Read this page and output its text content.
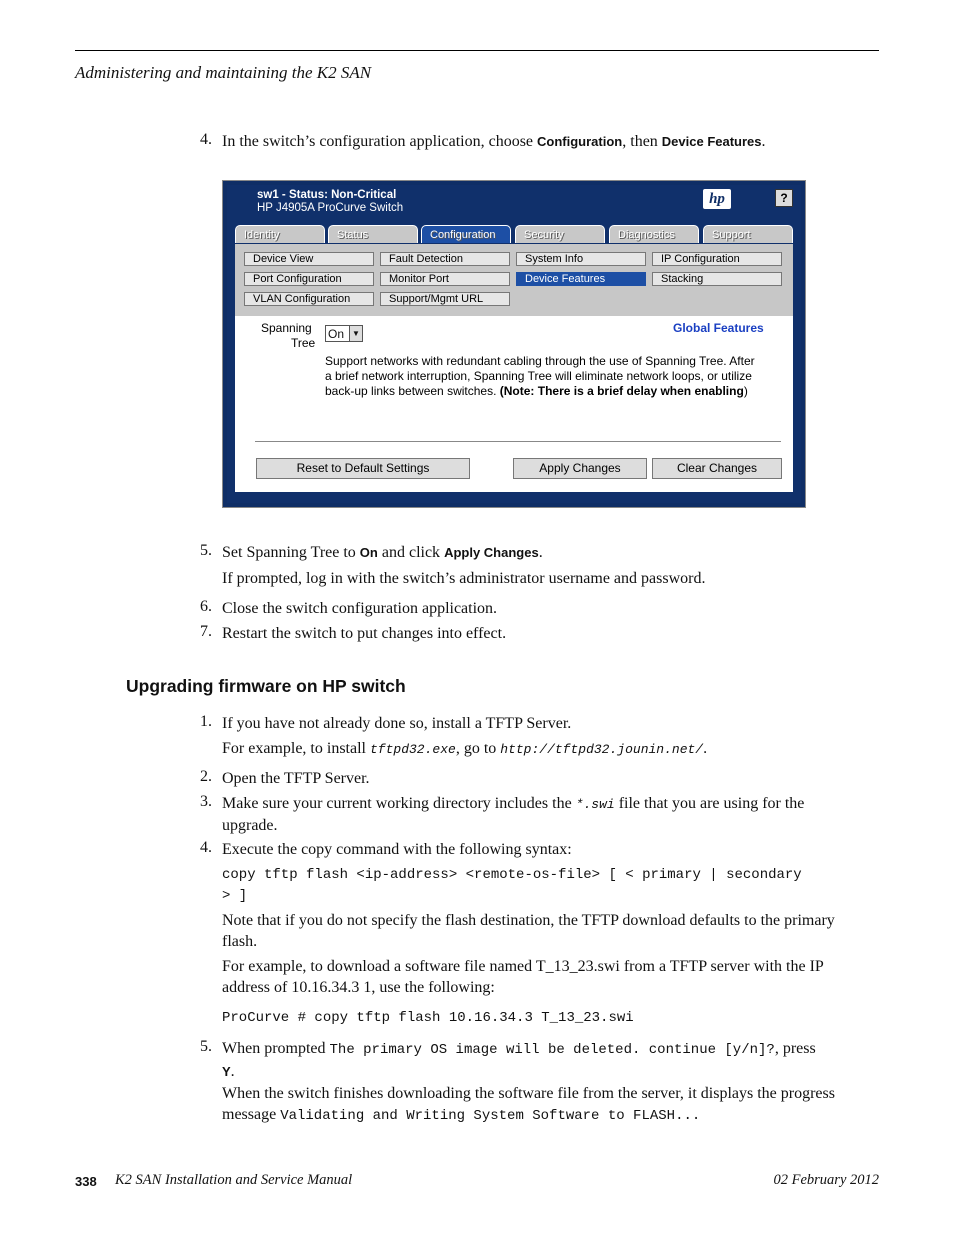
Administering and maintaining the K2 SAN
4. In the switch’s configuration application, choose Configuration, then Device Features.
sw1 - Status: Non-Critical
HP J4905A ProCurve Switch
hp	?
Identity	Status	Configuration	Security	Diagnostics	Support
Device View	Fault Detection	System Info	IP Configuration
Port Configuration	Monitor Port	Device Features	Stacking
VLAN Configuration	Support/Mgmt URL
Spanning
Tree
On	▼	Global Features
Support networks with redundant cabling through the use of Spanning Tree. After
a brief network interruption, Spanning Tree will eliminate network loops, or utilize
back-up links between switches. (Note: There is a brief delay when enabling)
Reset to Default Settings	Apply Changes	Clear Changes
5. Set Spanning Tree to On and click Apply Changes.
If prompted, log in with the switch’s administrator username and password.
6. Close the switch configuration application.
7. Restart the switch to put changes into effect.
Upgrading firmware on HP switch
1. If you have not already done so, install a TFTP Server.
For example, to install tftpd32.exe, go to http://tftpd32.jounin.net/.
2. Open the TFTP Server.
3. Make sure your current working directory includes the *.swi file that you are using for the
upgrade.
4. Execute the copy command with the following syntax:
copy tftp flash <ip-address> <remote-os-file> [ < primary | secondary
> ]
Note that if you do not specify the flash destination, the TFTP download defaults to the primary
flash.
For example, to download a software file named T_13_23.swi from a TFTP server with the IP
address of 10.16.34.3 1, use the following:
ProCurve # copy tftp flash 10.16.34.3 T_13_23.swi
5. When prompted The primary OS image will be deleted. continue [y/n]?, press
Y.
When the switch finishes downloading the software file from the server, it displays the progress
message Validating and Writing System Software to FLASH...
338 K2 SAN Installation and Service Manual	02 February 2012
